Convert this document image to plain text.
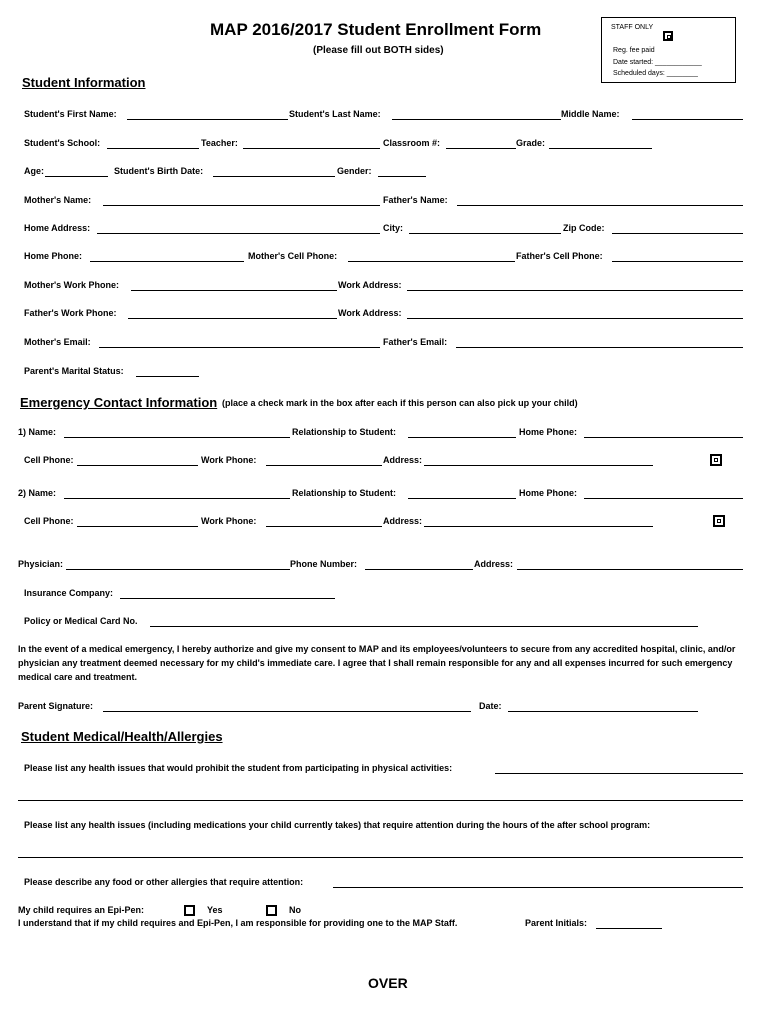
MAP 2016/2017 Student Enrollment Form
(Please fill out BOTH sides)
STAFF ONLY
Reg. fee paid
Date started: ____________
Scheduled days: ________
Student Information
Student's First Name:	Student's Last Name:	Middle Name:
Student's School:	Teacher:	Classroom #:	Grade:
Age:	Student's Birth Date:	Gender:
Mother's Name:	Father's Name:
Home Address:	City:	Zip Code:
Home Phone:	Mother's Cell Phone:	Father's Cell Phone:
Mother's Work Phone:	Work Address:
Father's Work Phone:	Work Address:
Mother's Email:	Father's Email:
Parent's Marital Status:
Emergency Contact Information (place a check mark in the box after each if this person can also pick up your child)
1) Name:	Relationship to Student:	Home Phone:
Cell Phone:	Work Phone:	Address:
2) Name:	Relationship to Student:	Home Phone:
Cell Phone:	Work Phone:	Address:
Physician:	Phone Number:	Address:
Insurance Company:
Policy or Medical Card No.
In the event of a medical emergency, I hereby authorize and give my consent to MAP and its employees/volunteers to secure from any accredited hospital, clinic, and/or physician any treatment deemed necessary for my child's immediate care. I agree that I shall remain responsible for any and all expenses incurred for such emergency medical care and treatment.
Parent Signature:	Date:
Student Medical/Health/Allergies
Please list any health issues that would prohibit the student from participating in physical activities:
Please list any health issues (including medications your child currently takes) that require attention during the hours of the after school program:
Please describe any food or other allergies that require attention:
My child requires an Epi-Pen:	Yes	No
I understand that if my child requires and Epi-Pen, I am responsible for providing one to the MAP Staff.	Parent Initials:
OVER
